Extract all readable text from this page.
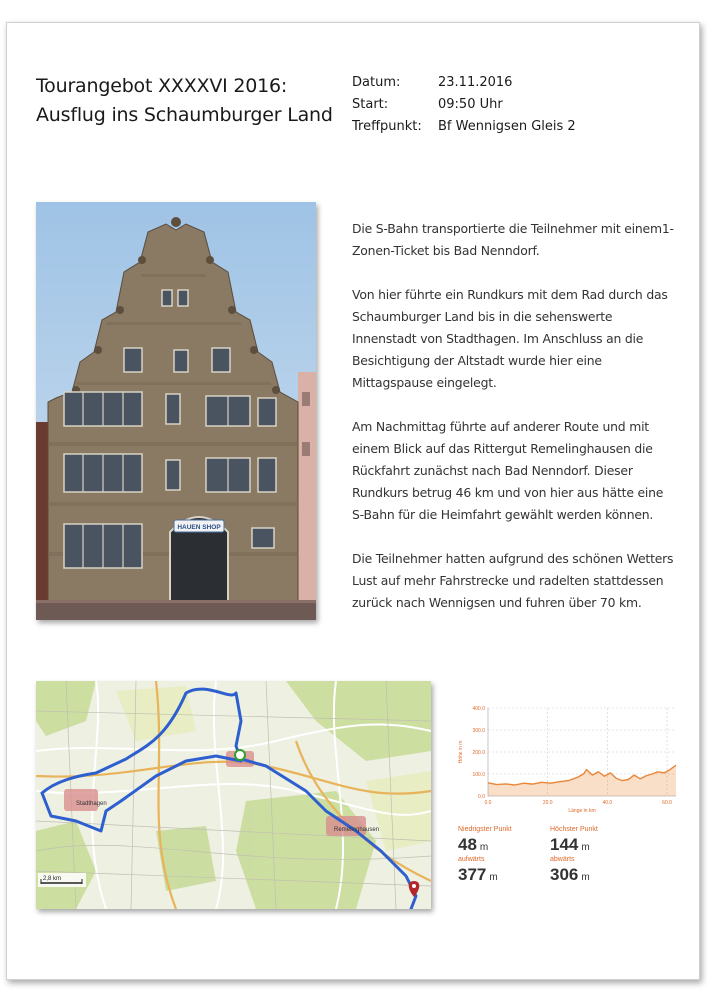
Tourangebot XXXXVI 2016:
Ausflug ins Schaumburger Land
Datum:	23.11.2016
Start:	09:50 Uhr
Treffpunkt:	Bf Wennigsen Gleis 2
HAUEN SHOP

Die S-Bahn transportierte die Teilnehmer mit einem1-Zonen-Ticket bis Bad Nenndorf.

Von hier führte ein Rundkurs mit dem Rad durch das Schaumburger Land bis in die sehenswerte Innenstadt von Stadthagen. Im Anschluss an die Besichtigung der Altstadt wurde hier eine Mittagspause eingelegt.

Am Nachmittag führte auf anderer Route und mit einem Blick auf das Rittergut Remelinghausen die Rückfahrt zunächst nach Bad Nenndorf. Dieser Rundkurs betrug 46 km und von hier aus hätte eine S-Bahn für die Heimfahrt gewählt werden können.

Die Teilnehmer hatten aufgrund des schönen Wetters Lust auf mehr Fahrstrecke und radelten stattdessen zurück nach Wennigsen und fuhren über 70 km.

Stadthagen
Remelinghausen
2,8 km
0.0
100.0
200.0
300.0
400.0
0.0	20.0	40.0	60.0
Länge in km
Höhe in m
Niedrigster Punkt
48 m
aufwärts
377 m
Höchster Punkt
144 m
abwärts
306 m
